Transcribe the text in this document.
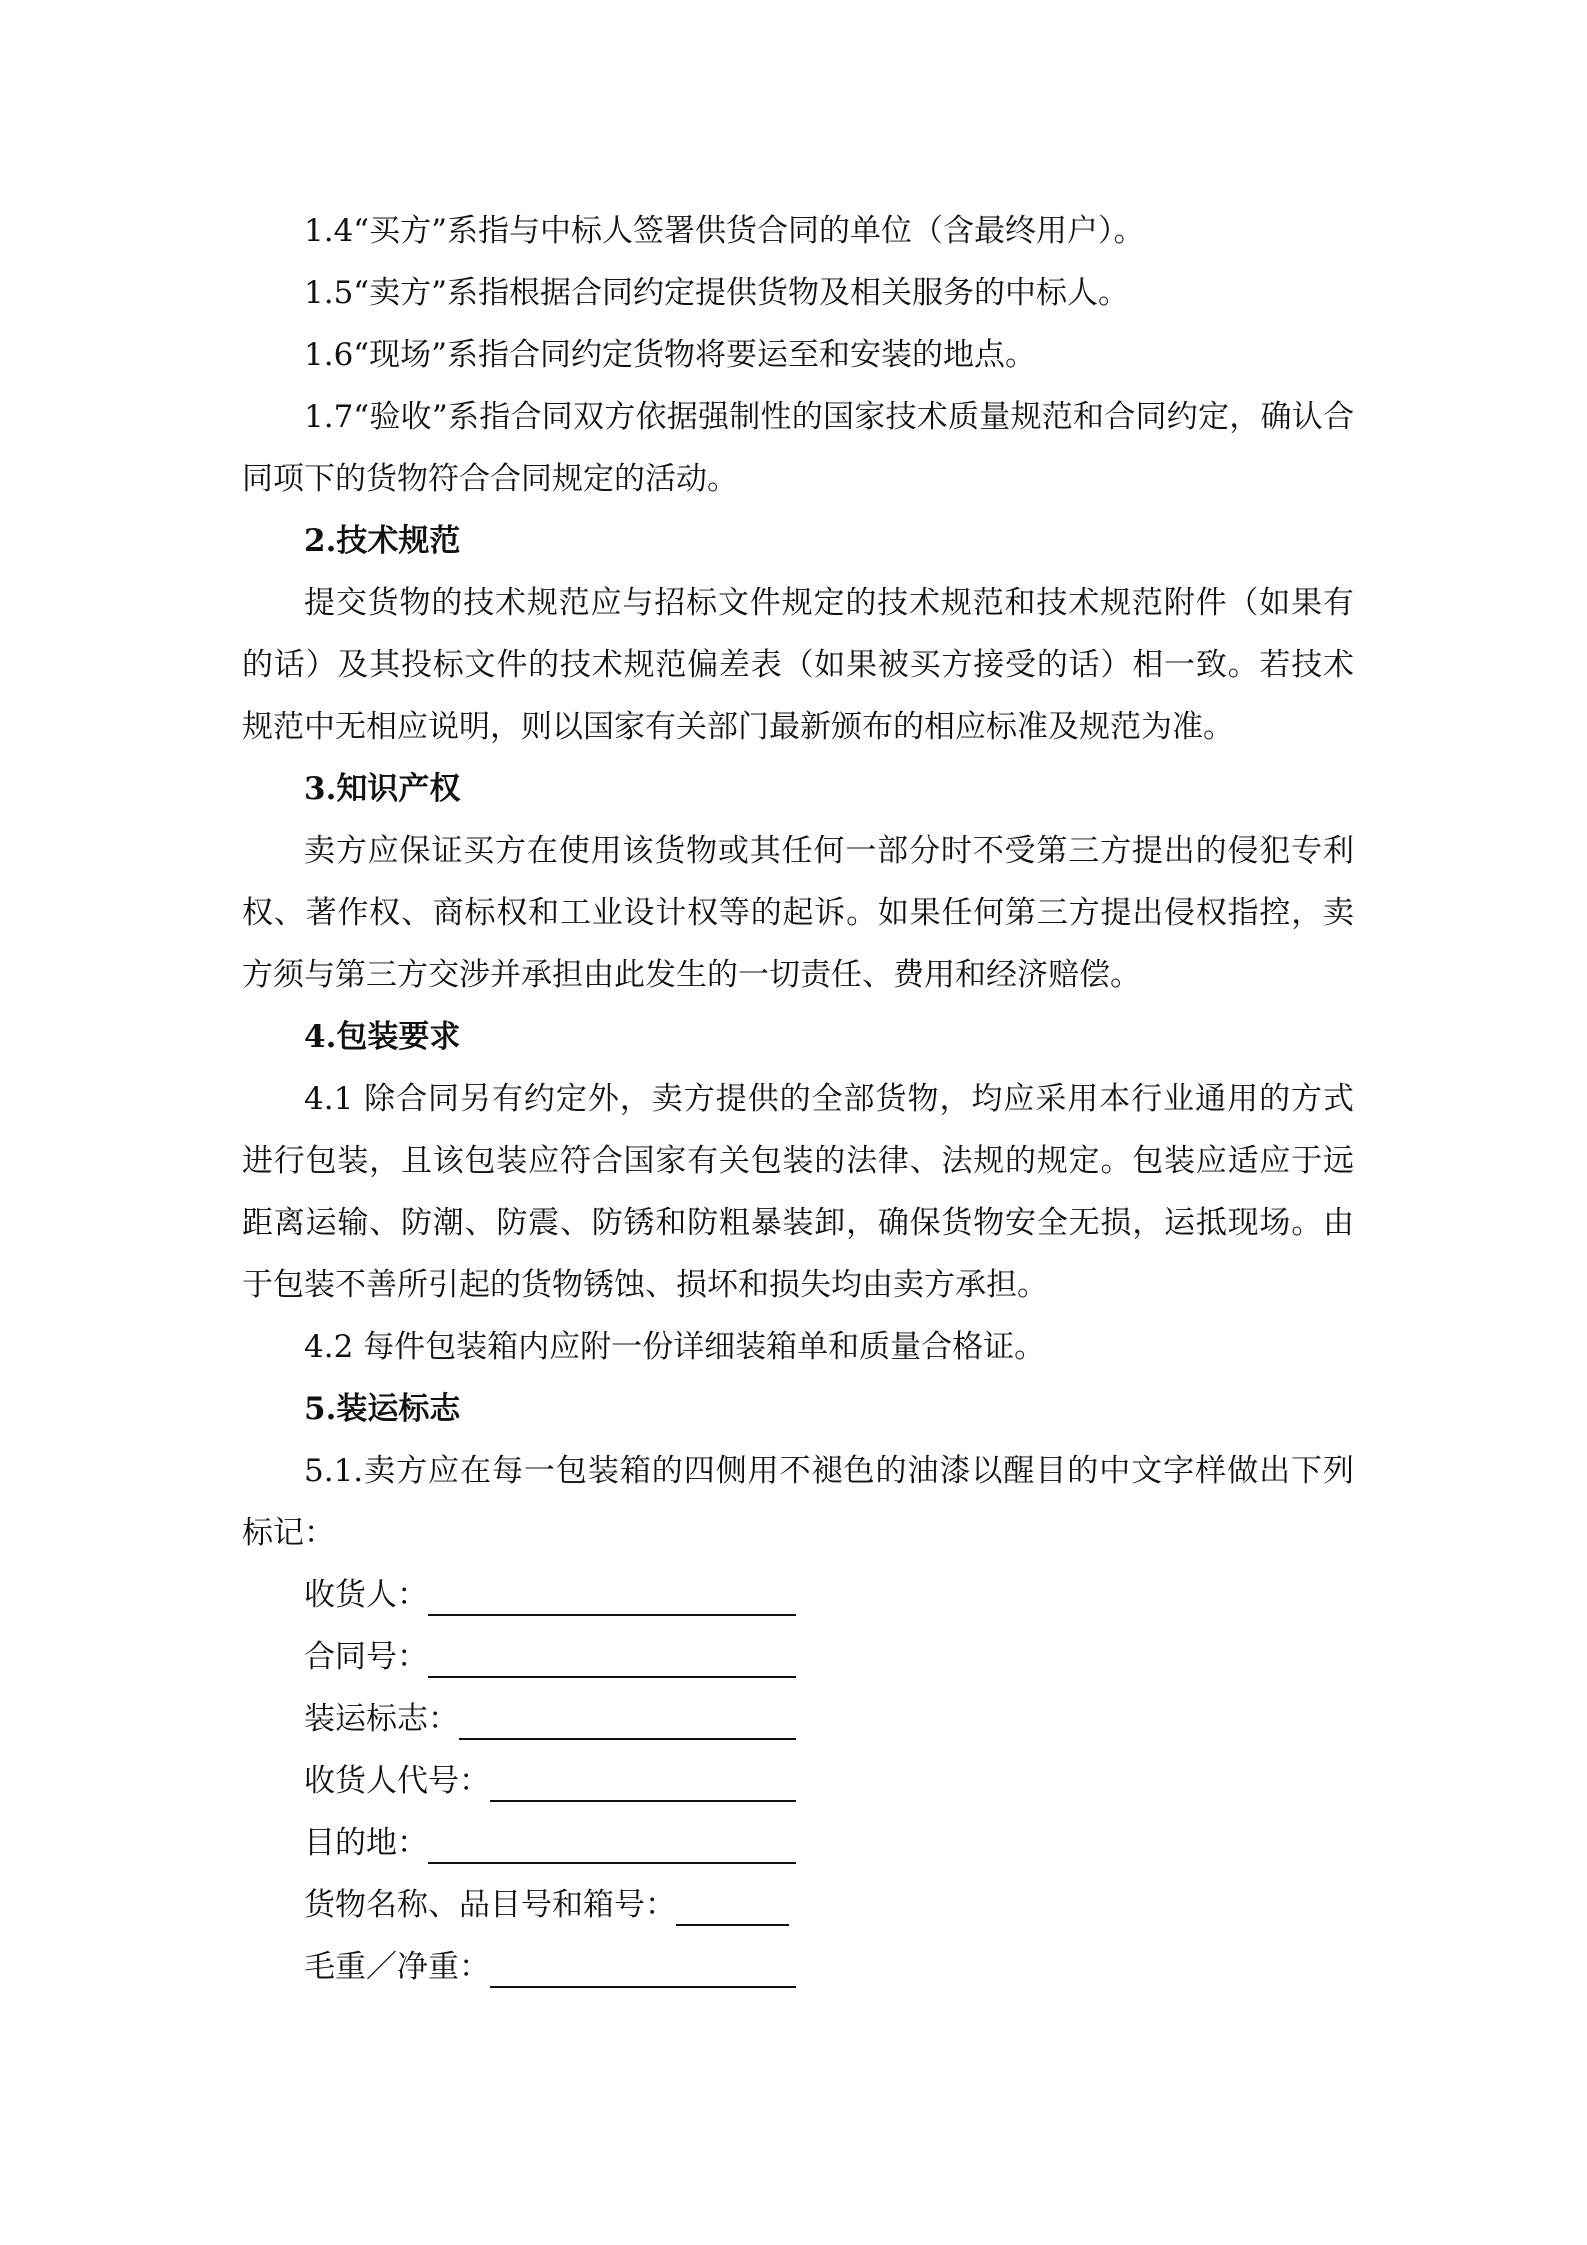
1.4“买方”系指与中标人签署供货合同的单位（含最终用户）。

1.5“卖方”系指根据合同约定提供货物及相关服务的中标人。

1.6“现场”系指合同约定货物将要运至和安装的地点。

1.7“验收”系指合同双方依据强制性的国家技术质量规范和合同约定，确认合同项下的货物符合合同规定的活动。

2.技术规范

提交货物的技术规范应与招标文件规定的技术规范和技术规范附件（如果有的话）及其投标文件的技术规范偏差表（如果被买方接受的话）相一致。若技术规范中无相应说明，则以国家有关部门最新颁布的相应标准及规范为准。

3.知识产权

卖方应保证买方在使用该货物或其任何一部分时不受第三方提出的侵犯专利权、著作权、商标权和工业设计权等的起诉。如果任何第三方提出侵权指控，卖方须与第三方交涉并承担由此发生的一切责任、费用和经济赔偿。

4.包装要求

4.1 除合同另有约定外，卖方提供的全部货物，均应采用本行业通用的方式进行包装，且该包装应符合国家有关包装的法律、法规的规定。包装应适应于远距离运输、防潮、防震、防锈和防粗暴装卸，确保货物安全无损，运抵现场。由于包装不善所引起的货物锈蚀、损坏和损失均由卖方承担。

4.2 每件包装箱内应附一份详细装箱单和质量合格证。

5.装运标志

5.1.卖方应在每一包装箱的四侧用不褪色的油漆以醒目的中文字样做出下列标记：

收货人：
合同号：
装运标志：
收货人代号：
目的地：
货物名称、品目号和箱号：
毛重／净重：
